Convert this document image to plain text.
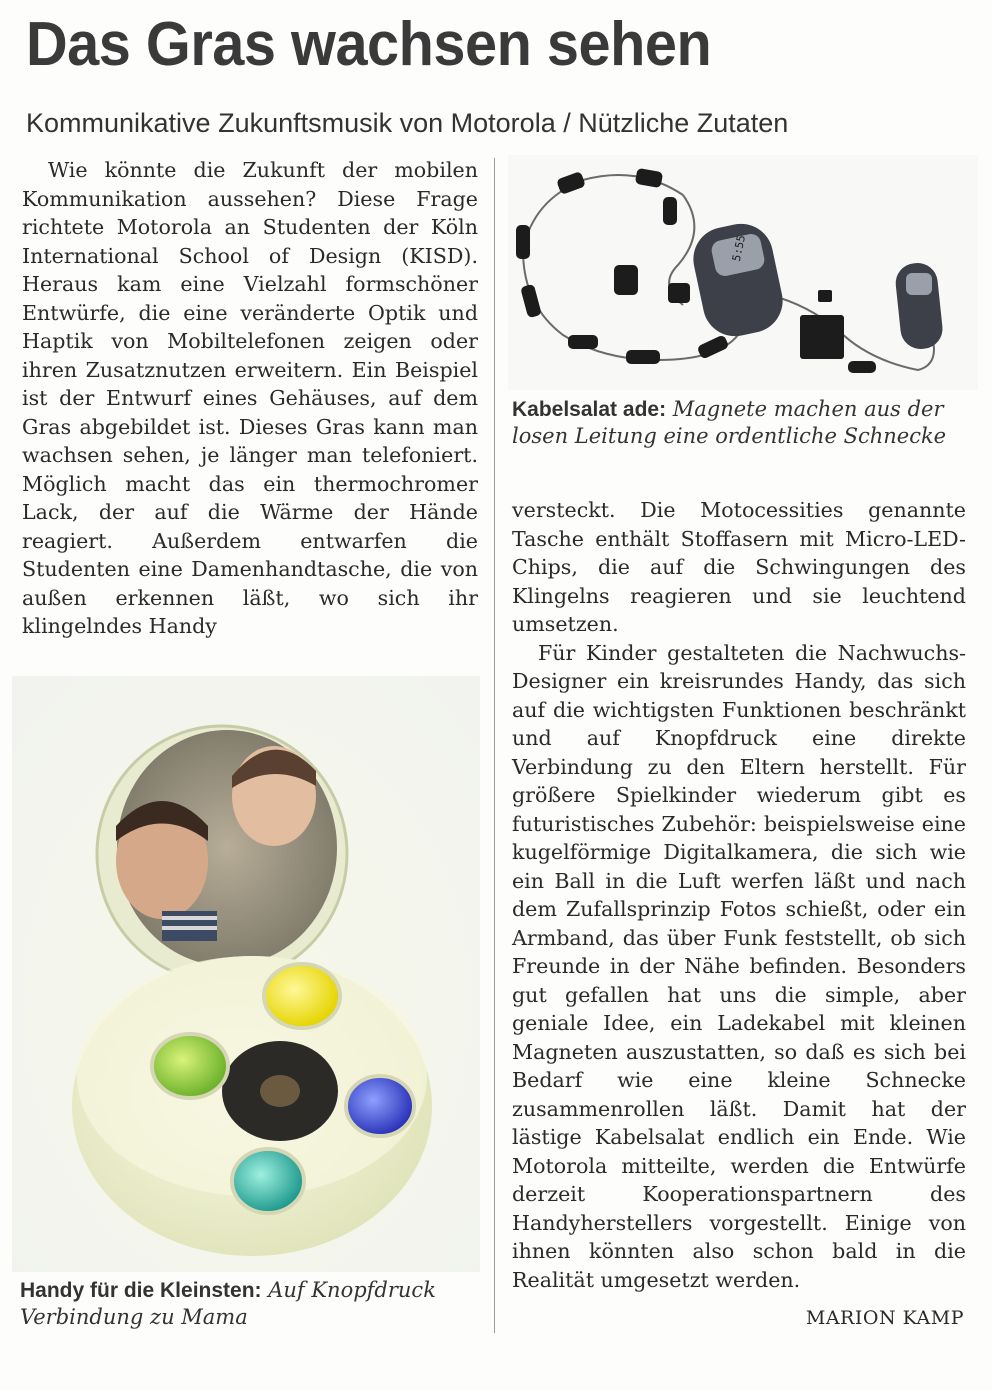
Das Gras wachsen sehen
Kommunikative Zukunftsmusik von Motorola / Nützliche Zutaten

Wie könnte die Zukunft der mobilen Kommunikation aussehen? Diese Frage richtete Motorola an Studenten der Köln International School of Design (KISD). Heraus kam eine Vielzahl formschöner Entwürfe, die eine veränderte Optik und Haptik von Mobiltelefonen zeigen oder ihren Zusatznutzen erweitern. Ein Beispiel ist der Entwurf eines Gehäuses, auf dem Gras abgebildet ist. Dieses Gras kann man wachsen sehen, je länger man telefoniert. Möglich macht das ein thermochromer Lack, der auf die Wärme der Hände reagiert. Außerdem entwarfen die Studenten eine Damenhandtasche, die von außen erkennen läßt, wo sich ihr klingelndes Handy

Handy für die Kleinsten: Auf Knopfdruck Verbindung zu Mama

5:55

Kabelsalat ade: Magnete machen aus der losen Leitung eine ordentliche Schnecke

versteckt. Die Motocessities genannte Tasche enthält Stoffasern mit Micro-LED-Chips, die auf die Schwingungen des Klingelns reagieren und sie leuchtend umsetzen.

Für Kinder gestalteten die Nachwuchs-Designer ein kreisrundes Handy, das sich auf die wichtigsten Funktionen beschränkt und auf Knopfdruck eine direkte Verbindung zu den Eltern herstellt. Für größere Spielkinder wiederum gibt es futuristisches Zubehör: beispielsweise eine kugelförmige Digitalkamera, die sich wie ein Ball in die Luft werfen läßt und nach dem Zufallsprinzip Fotos schießt, oder ein Armband, das über Funk feststellt, ob sich Freunde in der Nähe befinden. Besonders gut gefallen hat uns die simple, aber geniale Idee, ein Ladekabel mit kleinen Magneten auszustatten, so daß es sich bei Bedarf wie eine kleine Schnecke zusammenrollen läßt. Damit hat der lästige Kabelsalat endlich ein Ende. Wie Motorola mitteilte, werden die Entwürfe derzeit Kooperationspartnern des Handyherstellers vorgestellt. Einige von ihnen könnten also schon bald in die Realität umgesetzt werden.

MARION KAMP
